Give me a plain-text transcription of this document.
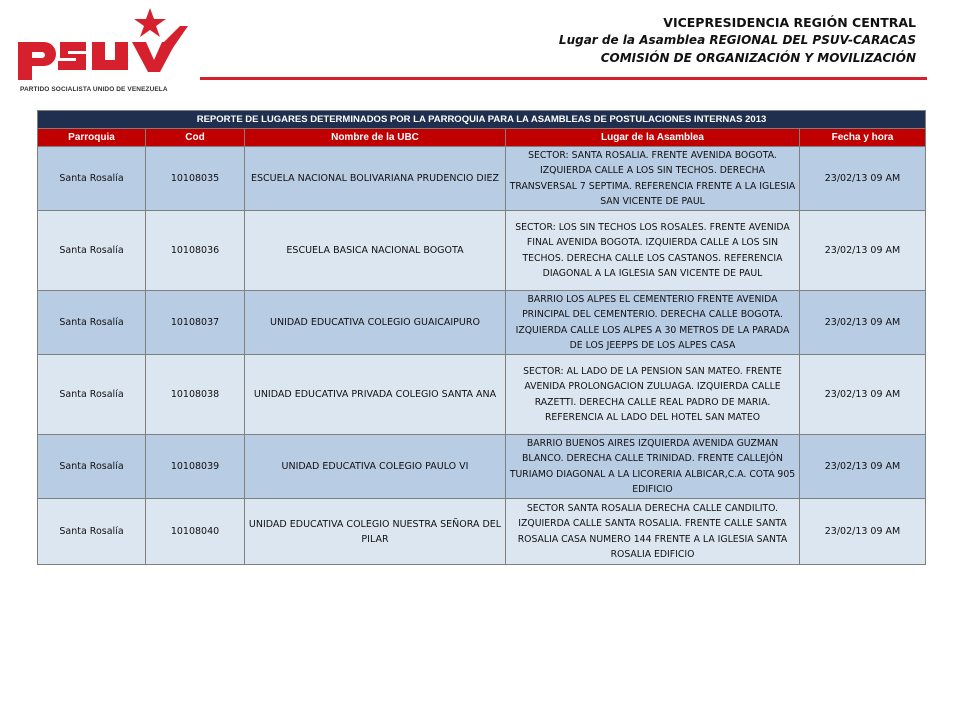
PARTIDO SOCIALISTA UNIDO DE VENEZUELA
VICEPRESIDENCIA REGIÓN CENTRAL
Lugar de la Asamblea REGIONAL DEL PSUV-CARACAS
COMISIÓN DE ORGANIZACIÓN Y MOVILIZACIÓN
REPORTE DE LUGARES DETERMINADOS POR LA PARROQUIA PARA LA ASAMBLEAS DE POSTULACIONES INTERNAS 2013				
Parroquia	Cod	Nombre de la UBC	Lugar de la Asamblea	Fecha y hora
Santa Rosalía	10108035	ESCUELA NACIONAL BOLIVARIANA PRUDENCIO DIEZ	SECTOR: SANTA ROSALIA. FRENTE AVENIDA BOGOTA. IZQUIERDA CALLE A LOS SIN TECHOS. DERECHA TRANSVERSAL 7 SEPTIMA. REFERENCIA FRENTE A LA IGLESIA SAN VICENTE DE PAUL	23/02/13 09 AM
Santa Rosalía	10108036	ESCUELA BASICA NACIONAL BOGOTA	SECTOR: LOS SIN TECHOS LOS ROSALES. FRENTE AVENIDA FINAL AVENIDA BOGOTA. IZQUIERDA CALLE A LOS SIN TECHOS. DERECHA CALLE LOS CASTANOS. REFERENCIA DIAGONAL A LA IGLESIA SAN VICENTE DE PAUL	23/02/13 09 AM
Santa Rosalía	10108037	UNIDAD EDUCATIVA COLEGIO GUAICAIPURO	BARRIO LOS ALPES EL CEMENTERIO FRENTE AVENIDA PRINCIPAL DEL CEMENTERIO. DERECHA CALLE BOGOTA. IZQUIERDA CALLE LOS ALPES A 30 METROS DE LA PARADA DE LOS JEEPPS DE LOS ALPES CASA	23/02/13 09 AM
Santa Rosalía	10108038	UNIDAD EDUCATIVA PRIVADA COLEGIO SANTA ANA	SECTOR: AL LADO DE LA PENSION SAN MATEO. FRENTE AVENIDA PROLONGACION ZULUAGA. IZQUIERDA CALLE RAZETTI. DERECHA CALLE REAL PADRO DE MARIA. REFERENCIA AL LADO DEL HOTEL SAN MATEO	23/02/13 09 AM
Santa Rosalía	10108039	UNIDAD EDUCATIVA COLEGIO PAULO VI	BARRIO BUENOS AIRES IZQUIERDA AVENIDA GUZMAN BLANCO. DERECHA CALLE TRINIDAD. FRENTE CALLEJÓN TURIAMO DIAGONAL A LA LICORERIA ALBICAR,C.A. COTA 905 EDIFICIO	23/02/13 09 AM
Santa Rosalía	10108040	UNIDAD EDUCATIVA COLEGIO NUESTRA SEÑORA DEL PILAR	SECTOR SANTA ROSALIA DERECHA CALLE CANDILITO. IZQUIERDA CALLE SANTA ROSALIA. FRENTE CALLE SANTA ROSALIA CASA NUMERO 144 FRENTE A LA IGLESIA SANTA ROSALIA EDIFICIO	23/02/13 09 AM
